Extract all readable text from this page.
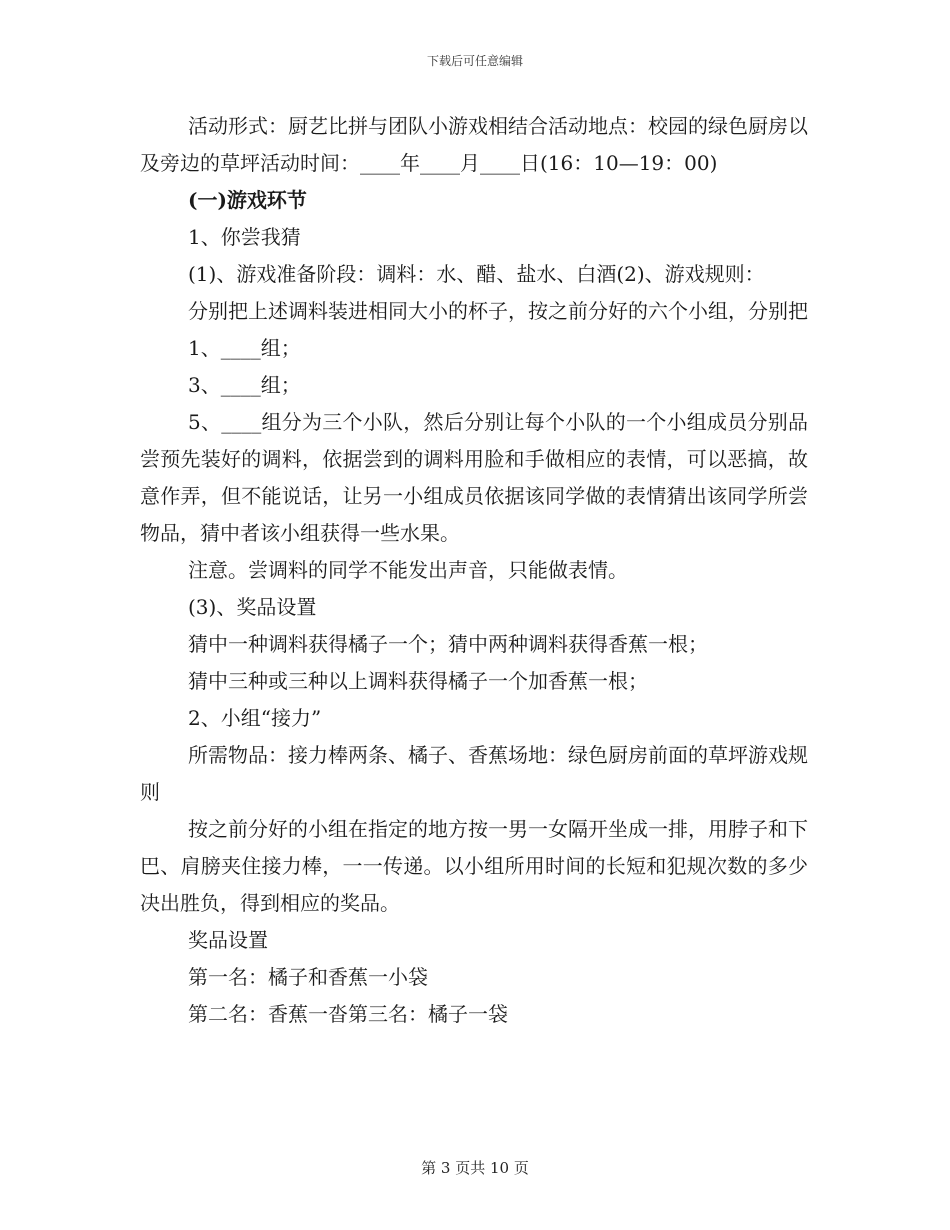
下载后可任意编辑

活动形式：厨艺比拼与团队小游戏相结合活动地点：校园的绿色厨房以及旁边的草坪活动时间：____年____月____日(16：10—19：00)

(一)游戏环节

1、你尝我猜

(1)、游戏准备阶段：调料：水、醋、盐水、白酒(2)、游戏规则：

分别把上述调料装进相同大小的杯子，按之前分好的六个小组，分别把

1、____组；

3、____组；

5、____组分为三个小队，然后分别让每个小队的一个小组成员分别品尝预先装好的调料，依据尝到的调料用脸和手做相应的表情，可以恶搞，故意作弄，但不能说话，让另一小组成员依据该同学做的表情猜出该同学所尝物品，猜中者该小组获得一些水果。

注意。尝调料的同学不能发出声音，只能做表情。

(3)、奖品设置

猜中一种调料获得橘子一个；猜中两种调料获得香蕉一根；

猜中三种或三种以上调料获得橘子一个加香蕉一根；

2、小组“接力”

所需物品：接力棒两条、橘子、香蕉场地：绿色厨房前面的草坪游戏规则

按之前分好的小组在指定的地方按一男一女隔开坐成一排，用脖子和下巴、肩膀夹住接力棒，一一传递。以小组所用时间的长短和犯规次数的多少决出胜负，得到相应的奖品。

奖品设置

第一名：橘子和香蕉一小袋

第二名：香蕉一沓第三名：橘子一袋

第 3 页共 10 页
